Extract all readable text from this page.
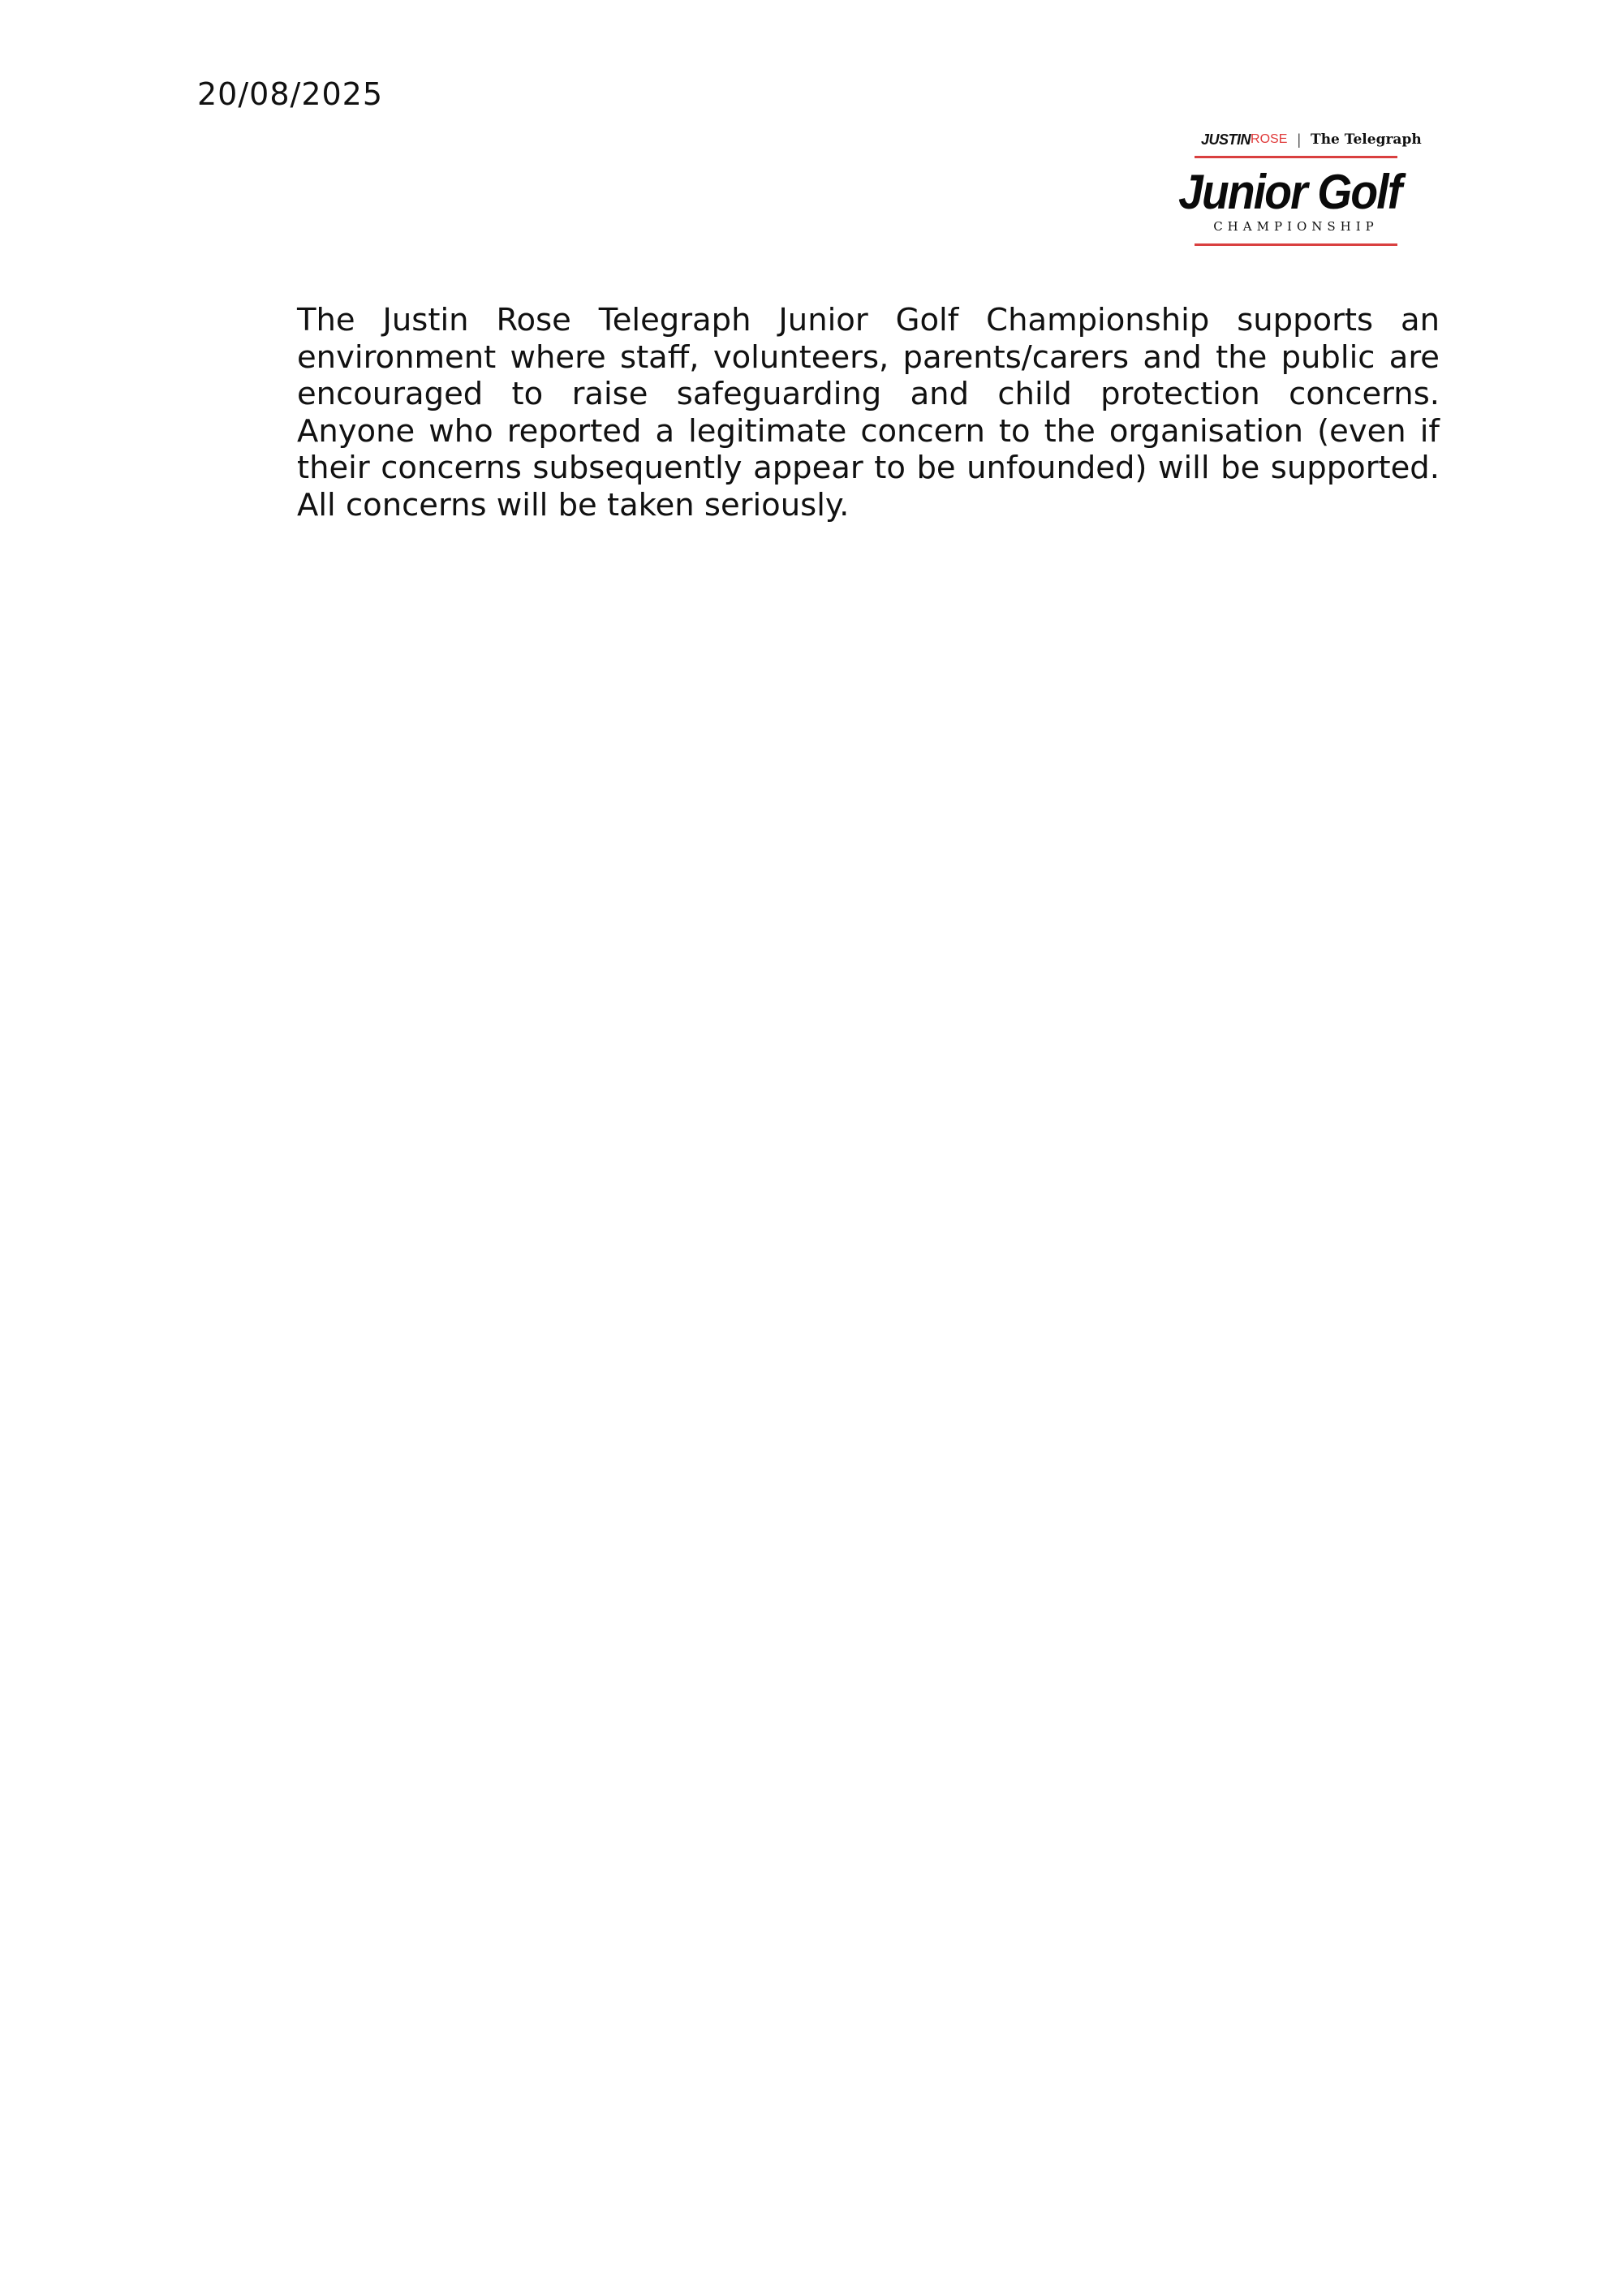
20/08/2025
JUSTIN ROSE | The Telegraph
Junior Golf
CHAMPIONSHIP

The Justin Rose Telegraph Junior Golf Championship supports an environment where staff, volunteers, parents/carers and the public are encouraged to raise safeguarding and child protection concerns.  Anyone who reported a legitimate concern to the organisation (even if their concerns subsequently appear to be unfounded) will be supported.  All concerns will be taken seriously.
